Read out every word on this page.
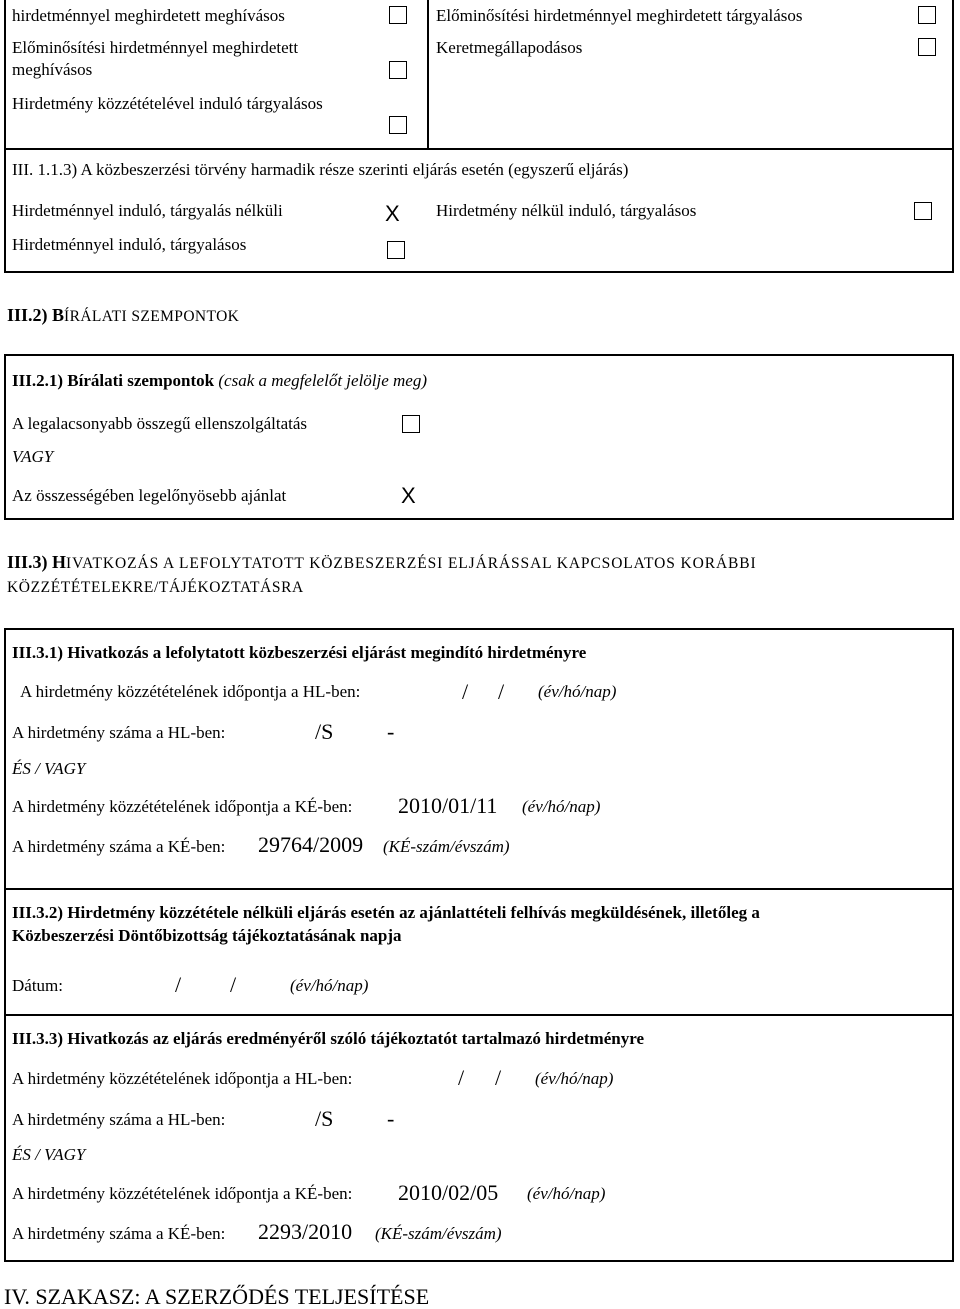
hirdetménnyel meghirdetett meghívásos	Előminősítési hirdetménnyel meghirdetett tárgyalásos
Előminősítési hirdetménnyel meghirdetett
meghívásos
Keretmegállapodásos
Hirdetmény közzétételével induló tárgyalásos
III. 1.1.3) A közbeszerzési törvény harmadik része szerinti eljárás esetén (egyszerű eljárás)
Hirdetménnyel induló, tárgyalás nélküli	X Hirdetmény nélkül induló, tárgyalásos
Hirdetménnyel induló, tárgyalásos
III.2) BÍRÁLATI SZEMPONTOK
III.2.1) Bírálati szempontok (csak a megfelelőt jelölje meg)
A legalacsonyabb összegű ellenszolgáltatás
VAGY
Az összességében legelőnyösebb ajánlat	X
III.3) HIVATKOZÁS A LEFOLYTATOTT KÖZBESZERZÉSI ELJÁRÁSSAL KAPCSOLATOS KORÁBBI
KÖZZÉTÉTELEKRE/TÁJÉKOZTATÁSRA
III.3.1) Hivatkozás a lefolytatott közbeszerzési eljárást megindító hirdetményre
A hirdetmény közzétételének időpontja a HL-ben:	/ / (év/hó/nap)
A hirdetmény száma a HL-ben:	/S -
ÉS / VAGY
A hirdetmény közzétételének időpontja a KÉ-ben: 2010/01/11 (év/hó/nap)
A hirdetmény száma a KÉ-ben: 29764/2009 (KÉ-szám/évszám)
III.3.2) Hirdetmény közzététele nélküli eljárás esetén az ajánlattételi felhívás megküldésének, illetőleg a
Közbeszerzési Döntőbizottság tájékoztatásának napja
Dátum:	/ /	(év/hó/nap)
III.3.3) Hivatkozás az eljárás eredményéről szóló tájékoztatót tartalmazó hirdetményre
A hirdetmény közzétételének időpontja a HL-ben:	/ / (év/hó/nap)
A hirdetmény száma a HL-ben:	/S -
ÉS / VAGY
A hirdetmény közzétételének időpontja a KÉ-ben: 2010/02/05 (év/hó/nap)
A hirdetmény száma a KÉ-ben: 2293/2010 (KÉ-szám/évszám)
IV. SZAKASZ: A SZERZŐDÉS TELJESÍTÉSE
